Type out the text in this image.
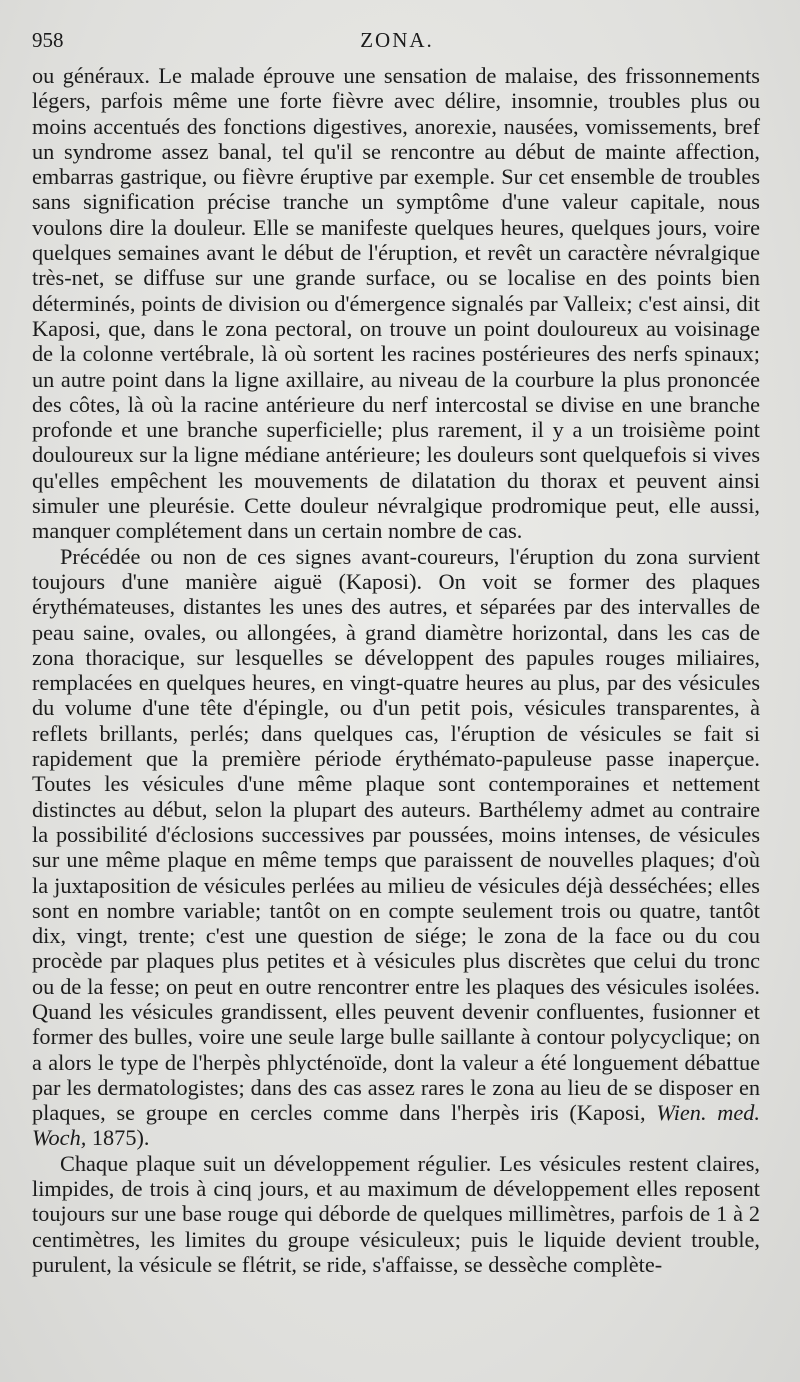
958	ZONA.

ou généraux. Le malade éprouve une sensation de malaise, des frissonnements légers, parfois même une forte fièvre avec délire, insomnie, troubles plus ou moins accentués des fonctions digestives, anorexie, nausées, vomissements, bref un syndrome assez banal, tel qu'il se rencontre au début de mainte affection, embarras gastrique, ou fièvre éruptive par exemple. Sur cet ensemble de troubles sans signification précise tranche un symptôme d'une valeur capitale, nous voulons dire la douleur. Elle se manifeste quelques heures, quelques jours, voire quelques semaines avant le début de l'éruption, et revêt un caractère névralgique très-net, se diffuse sur une grande surface, ou se localise en des points bien déterminés, points de division ou d'émergence signalés par Valleix; c'est ainsi, dit Kaposi, que, dans le zona pectoral, on trouve un point douloureux au voisinage de la colonne vertébrale, là où sortent les racines postérieures des nerfs spinaux; un autre point dans la ligne axillaire, au niveau de la courbure la plus prononcée des côtes, là où la racine antérieure du nerf intercostal se divise en une branche profonde et une branche superficielle; plus rarement, il y a un troisième point douloureux sur la ligne médiane antérieure; les douleurs sont quelquefois si vives qu'elles empêchent les mouvements de dilatation du thorax et peuvent ainsi simuler une pleurésie. Cette douleur névralgique prodromique peut, elle aussi, manquer complétement dans un certain nombre de cas.

Précédée ou non de ces signes avant-coureurs, l'éruption du zona survient toujours d'une manière aiguë (Kaposi). On voit se former des plaques érythémateuses, distantes les unes des autres, et séparées par des intervalles de peau saine, ovales, ou allongées, à grand diamètre horizontal, dans les cas de zona thoracique, sur lesquelles se développent des papules rouges miliaires, remplacées en quelques heures, en vingt-quatre heures au plus, par des vésicules du volume d'une tête d'épingle, ou d'un petit pois, vésicules transparentes, à reflets brillants, perlés; dans quelques cas, l'éruption de vésicules se fait si rapidement que la première période érythémato-papuleuse passe inaperçue. Toutes les vésicules d'une même plaque sont contemporaines et nettement distinctes au début, selon la plupart des auteurs. Barthélemy admet au contraire la possibilité d'éclosions successives par poussées, moins intenses, de vésicules sur une même plaque en même temps que paraissent de nouvelles plaques; d'où la juxtaposition de vésicules perlées au milieu de vésicules déjà desséchées; elles sont en nombre variable; tantôt on en compte seulement trois ou quatre, tantôt dix, vingt, trente; c'est une question de siége; le zona de la face ou du cou procède par plaques plus petites et à vésicules plus discrètes que celui du tronc ou de la fesse; on peut en outre rencontrer entre les plaques des vésicules isolées. Quand les vésicules grandissent, elles peuvent devenir confluentes, fusionner et former des bulles, voire une seule large bulle saillante à contour polycyclique; on a alors le type de l'herpès phlycténoïde, dont la valeur a été longuement débattue par les dermatologistes; dans des cas assez rares le zona au lieu de se disposer en plaques, se groupe en cercles comme dans l'herpès iris (Kaposi, Wien. med. Woch, 1875).

Chaque plaque suit un développement régulier. Les vésicules restent claires, limpides, de trois à cinq jours, et au maximum de développement elles reposent toujours sur une base rouge qui déborde de quelques millimètres, parfois de 1 à 2 centimètres, les limites du groupe vésiculeux; puis le liquide devient trouble, purulent, la vésicule se flétrit, se ride, s'affaisse, se dessèche complète-
